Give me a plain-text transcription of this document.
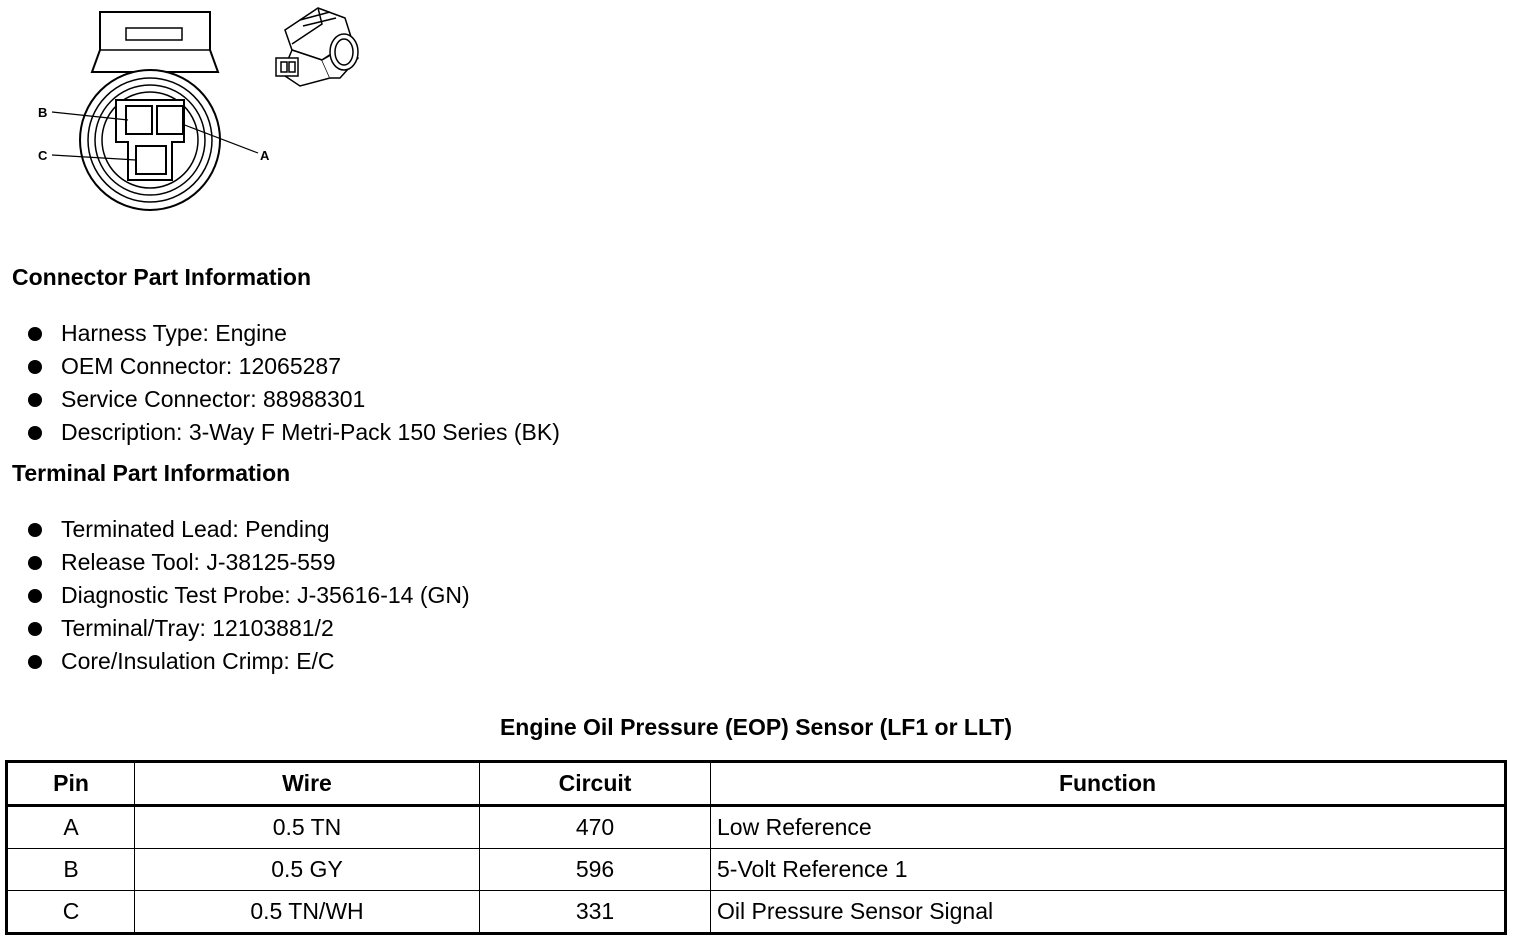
B
C	A
Connector Part Information
Harness Type: Engine
OEM Connector: 12065287
Service Connector: 88988301
Description: 3-Way F Metri-Pack 150 Series (BK)
Terminal Part Information
Terminated Lead: Pending
Release Tool: J-38125-559
Diagnostic Test Probe: J-35616-14 (GN)
Terminal/Tray: 12103881/2
Core/Insulation Crimp: E/C
Engine Oil Pressure (EOP) Sensor (LF1 or LLT)
Pin	Wire	Circuit	Function
A	0.5 TN	470	Low Reference
B	0.5 GY	596	5-Volt Reference 1
C	0.5 TN/WH	331	Oil Pressure Sensor Signal
